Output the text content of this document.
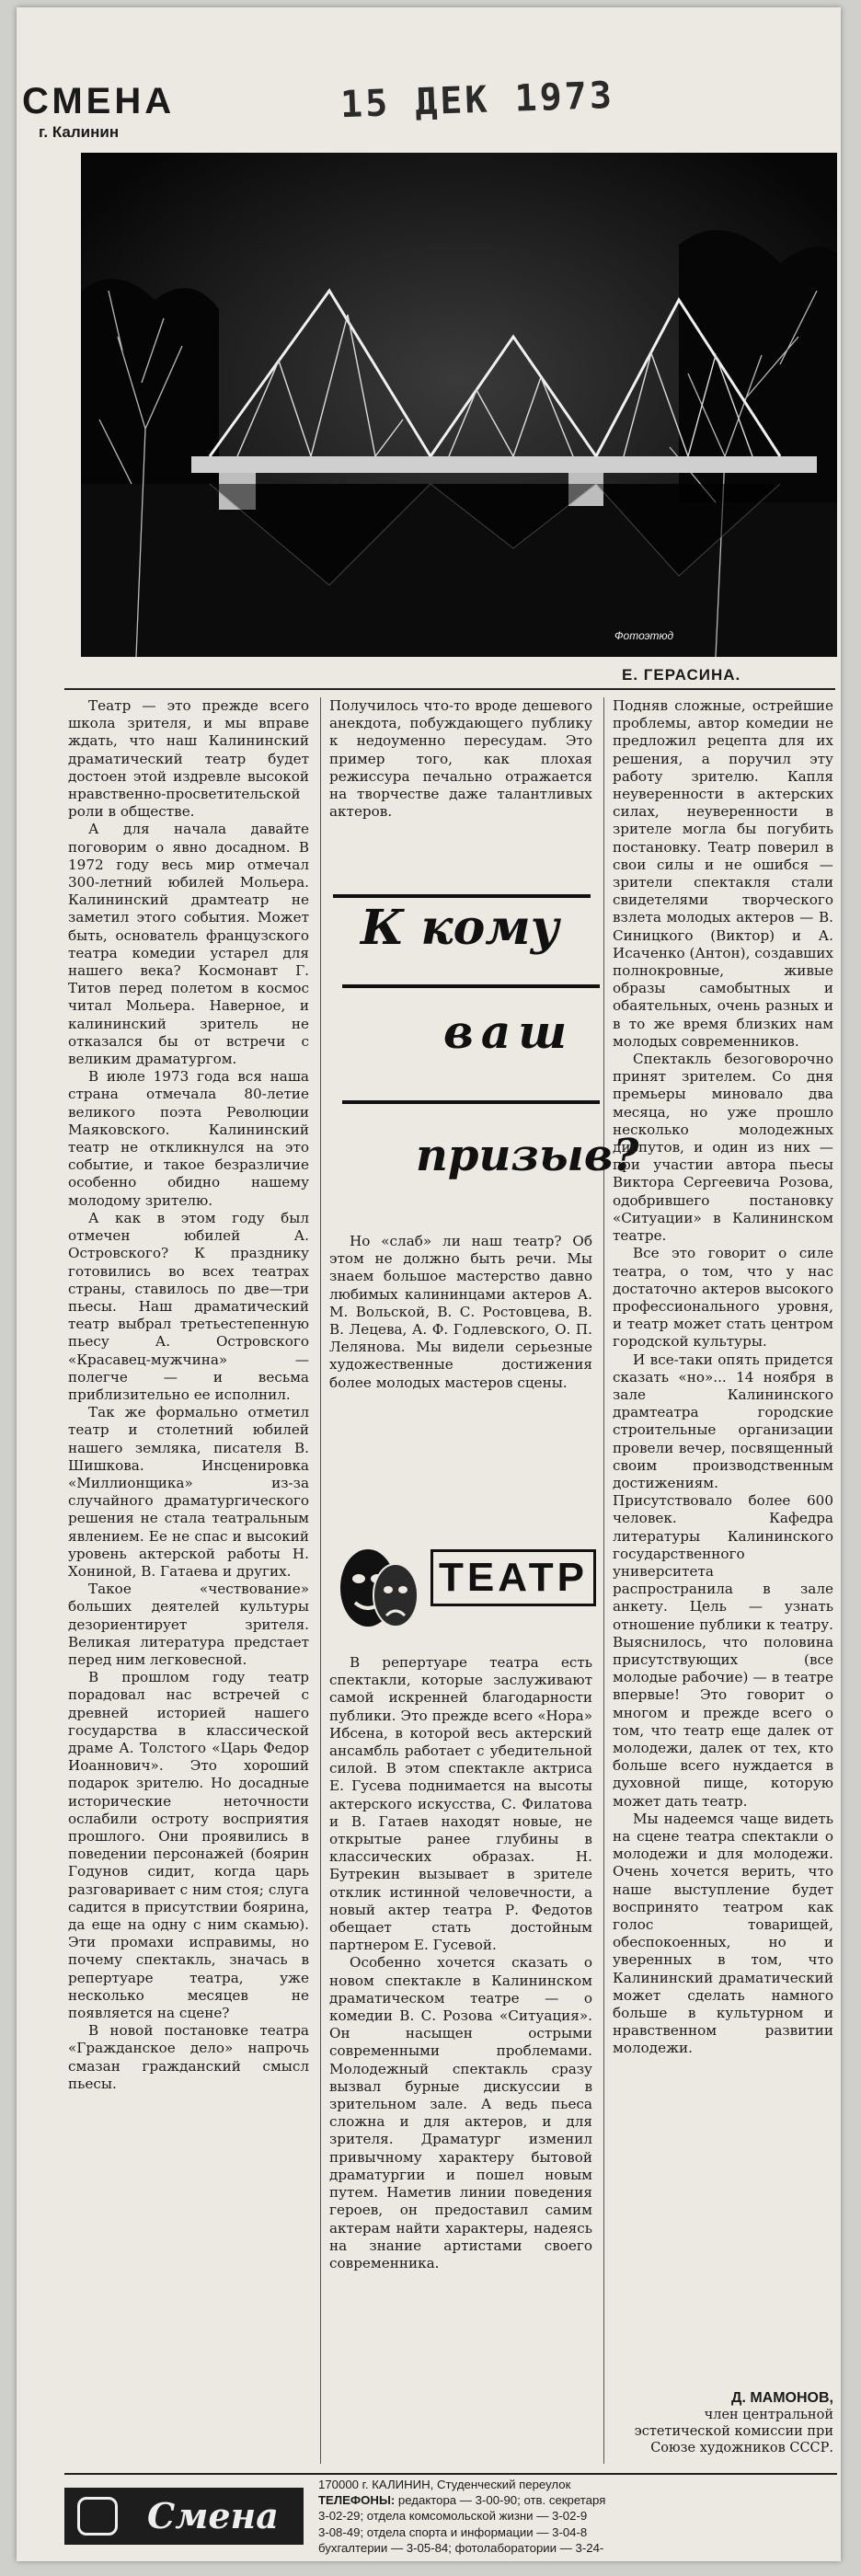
СМЕНА
г. Калинин
15 ДЕК 1973
Фотоэтюд
Е. ГЕРАСИНА.

Театр — это прежде всего школа зрителя, и мы вправе ждать, что наш Калининский драматический театр будет достоен этой издревле высокой нравственно-просветительской роли в обществе.

А для начала давайте поговорим о явно досадном. В 1972 году весь мир отмечал 300-летний юбилей Мольера. Калининский драмтеатр не заметил этого события. Может быть, основатель французского театра комедии устарел для нашего века? Космонавт Г. Титов перед полетом в космос читал Мольера. Наверное, и калининский зритель не отказался бы от встречи с великим драматургом.

В июле 1973 года вся наша страна отмечала 80-летие великого поэта Революции Маяковского. Калининский театр не откликнулся на это событие, и такое безразличие особенно обидно нашему молодому зрителю.

А как в этом году был отмечен юбилей А. Островского? К празднику готовились во всех театрах страны, ставилось по две—три пьесы. Наш драматический театр выбрал третьестепенную пьесу А. Островского «Красавец-мужчина» — полегче — и весьма приблизительно ее исполнил.

Так же формально отметил театр и столетний юбилей нашего земляка, писателя В. Шишкова. Инсценировка «Миллионщика» из-за случайного драматургического решения не стала театральным явлением. Ее не спас и высокий уровень актерской работы Н. Хониной, В. Гатаева и других.

Такое «чествование» больших деятелей культуры дезориентирует зрителя. Великая литература предстает перед ним легковесной.

В прошлом году театр порадовал нас встречей с древней историей нашего государства в классической драме А. Толстого «Царь Федор Иоаннович». Это хороший подарок зрителю. Но досадные исторические неточности ослабили остроту восприятия прошлого. Они проявились в поведении персонажей (боярин Годунов сидит, когда царь разговаривает с ним стоя; слуга садится в присутствии боярина, да еще на одну с ним скамью). Эти промахи исправимы, но почему спектакль, значась в репертуаре театра, уже несколько месяцев не появляется на сцене?

В новой постановке театра «Гражданское дело» напрочь смазан гражданский смысл пьесы.

Получилось что-то вроде дешевого анекдота, побуждающего публику к недоуменно пересудам. Это пример того, как плохая режиссура печально отражается на творчестве даже талантливых актеров.

К кому
ваш
призыв?

Но «слаб» ли наш театр? Об этом не должно быть речи. Мы знаем большое мастерство давно любимых калининцами актеров А. М. Вольской, В. С. Ростовцева, В. В. Лецева, А. Ф. Годлевского, О. П. Лелянова. Мы видели серьезные художественные достижения более молодых мастеров сцены.

ТЕАТР

В репертуаре театра есть спектакли, которые заслуживают самой искренней благодарности публики. Это прежде всего «Нора» Ибсена, в которой весь актерский ансамбль работает с убедительной силой. В этом спектакле актриса Е. Гусева поднимается на высоты актерского искусства, С. Филатова и В. Гатаев находят новые, не открытые ранее глубины в классических образах. Н. Бутрекин вызывает в зрителе отклик истинной человечности, а новый актер театра Р. Федотов обещает стать достойным партнером Е. Гусевой.

Особенно хочется сказать о новом спектакле в Калининском драматическом театре — о комедии В. С. Розова «Ситуация». Он насыщен острыми современными проблемами. Молодежный спектакль сразу вызвал бурные дискуссии в зрительном зале. А ведь пьеса сложна и для актеров, и для зрителя. Драматург изменил привычному характеру бытовой драматургии и пошел новым путем. Наметив линии поведения героев, он предоставил самим актерам найти характеры, надеясь на знание артистами своего современника.

Подняв сложные, острейшие проблемы, автор комедии не предложил рецепта для их решения, а поручил эту работу зрителю. Капля неуверенности в актерских силах, неуверенности в зрителе могла бы погубить постановку. Театр поверил в свои силы и не ошибся — зрители спектакля стали свидетелями творческого взлета молодых актеров — В. Синицкого (Виктор) и А. Исаченко (Антон), создавших полнокровные, живые образы самобытных и обаятельных, очень разных и в то же время близких нам молодых современников.

Спектакль безоговорочно принят зрителем. Со дня премьеры миновало два месяца, но уже прошло несколько молодежных диспутов, и один из них — при участии автора пьесы Виктора Сергеевича Розова, одобрившего постановку «Ситуации» в Калининском театре.

Все это говорит о силе театра, о том, что у нас достаточно актеров высокого профессионального уровня, и театр может стать центром городской культуры.

И все-таки опять придется сказать «но»... 14 ноября в зале Калининского драмтеатра городские строительные организации провели вечер, посвященный своим производственным достижениям. Присутствовало более 600 человек. Кафедра литературы Калининского государственного университета распространила в зале анкету. Цель — узнать отношение публики к театру. Выяснилось, что половина присутствующих (все молодые рабочие) — в театре впервые! Это говорит о многом и прежде всего о том, что театр еще далек от молодежи, далек от тех, кто больше всего нуждается в духовной пище, которую может дать театр.

Мы надеемся чаще видеть на сцене театра спектакли о молодежи и для молодежи. Очень хочется верить, что наше выступление будет воспринято театром как голос товарищей, обеспокоенных, но и уверенных в том, что Калининский драматический может сделать намного больше в культурном и нравственном развитии молодежи.

Д. МАМОНОВ,
член центральной эстетической комиссии при Союзе художников СССР.
Смена
170000 г. КАЛИНИН, Студенческий переулок
ТЕЛЕФОНЫ: редактора — 3-00-90; отв. секретаря
3-02-29; отдела комсомольской жизни — 3-02-9
3-08-49; отдела спорта и информации — 3-04-8
бухгалтерии — 3-05-84; фотолаборатории — 3-24-
